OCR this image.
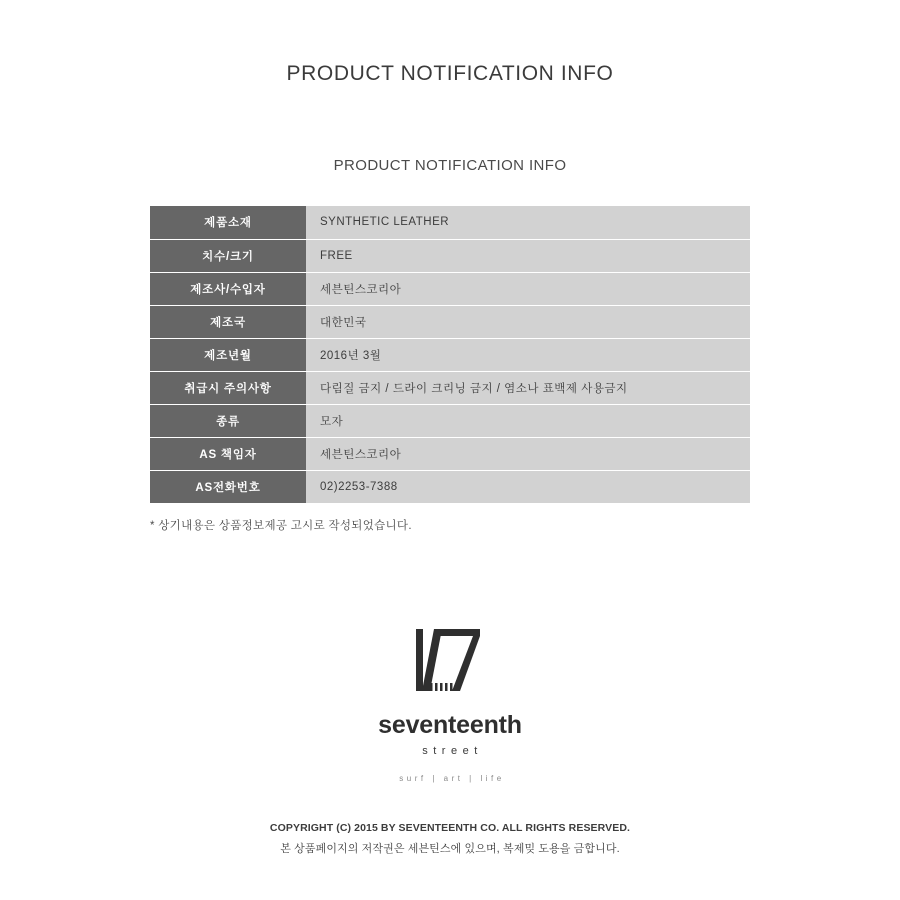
PRODUCT NOTIFICATION INFO
PRODUCT NOTIFICATION INFO
제품소재	SYNTHETIC LEATHER
치수/크기	FREE
제조사/수입자	세븐틴스코리아
제조국	대한민국
제조년월	2016년 3월
취급시 주의사항	다림질 금지 / 드라이 크리닝 금지 / 염소나 표백제 사용금지
종류	모자
AS 책임자	세븐틴스코리아
AS전화번호	02)2253-7388
* 상기내용은 상품정보제공 고시로 작성되었습니다.
seventeenth
street
surf | art | life
COPYRIGHT (C) 2015 BY SEVENTEENTH CO. ALL RIGHTS RESERVED.
본 상품페이지의 저작권은 세븐틴스에 있으며, 복제밎 도용을 금합니다.
